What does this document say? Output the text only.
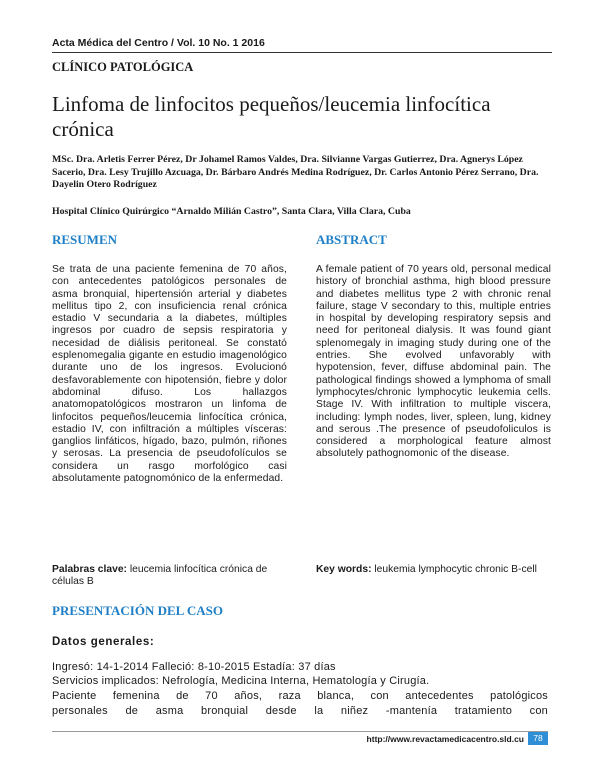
Acta Médica del Centro / Vol. 10 No. 1 2016
CLÍNICO PATOLÓGICA
Linfoma de linfocitos pequeños/leucemia linfocítica crónica
MSc. Dra. Arletis Ferrer Pérez, Dr Johamel Ramos Valdes, Dra. Silvianne Vargas Gutierrez, Dra. Agnerys López Sacerio, Dra. Lesy Trujillo Azcuaga, Dr. Bárbaro Andrés Medina Rodríguez, Dr. Carlos Antonio Pérez Serrano, Dra. Dayelin Otero Rodríguez
Hospital Clínico Quirúrgico “Arnaldo Milián Castro”, Santa Clara, Villa Clara, Cuba
RESUMEN	ABSTRACT
Se trata de una paciente femenina de 70 años, con antecedentes patológicos personales de asma bronquial, hipertensión arterial y diabetes mellitus tipo 2, con insuficiencia renal crónica estadio V secundaria a la diabetes, múltiples ingresos por cuadro de sepsis respiratoria y necesidad de diálisis peritoneal. Se constató esplenomegalia gigante en estudio imagenológico durante uno de los ingresos. Evolucionó desfavorablemente con hipotensión, fiebre y dolor abdominal difuso. Los hallazgos anatomopatológicos mostraron un linfoma de linfocitos pequeños/leucemia linfocítica crónica, estadio IV, con infiltración a múltiples vísceras: ganglios linfáticos, hígado, bazo, pulmón, riñones y serosas. La presencia de pseudofolículos se considera un rasgo morfológico casi absolutamente patognomónico de la enfermedad.
A female patient of 70 years old, personal medical history of bronchial asthma, high blood pressure and diabetes mellitus type 2 with chronic renal failure, stage V secondary to this, multiple entries in hospital by developing respiratory sepsis and need for peritoneal dialysis. It was found giant splenomegaly in imaging study during one of the entries. She evolved unfavorably with hypotension, fever, diffuse abdominal pain. The pathological findings showed a lymphoma of small lymphocytes/chronic lymphocytic leukemia cells. Stage IV. With infiltration to multiple viscera, including: lymph nodes, liver, spleen, lung, kidney and serous .The presence of pseudofoliculos is considered a morphological feature almost absolutely pathognomonic of the disease.
Palabras clave: leucemia linfocítica crónica de células B
Key words: leukemia lymphocytic chronic B-cell
PRESENTACIÓN DEL CASO
Datos generales:
Ingresó: 14-1-2014 Falleció: 8-10-2015 Estadía: 37 días
Servicios implicados: Nefrología, Medicina Interna, Hematología y Cirugía.
Paciente femenina de 70 años, raza blanca, con antecedentes patológicos
personales de asma bronquial desde la niñez -mantenía tratamiento con
http://www.revactamedicacentro.sld.cu	78
